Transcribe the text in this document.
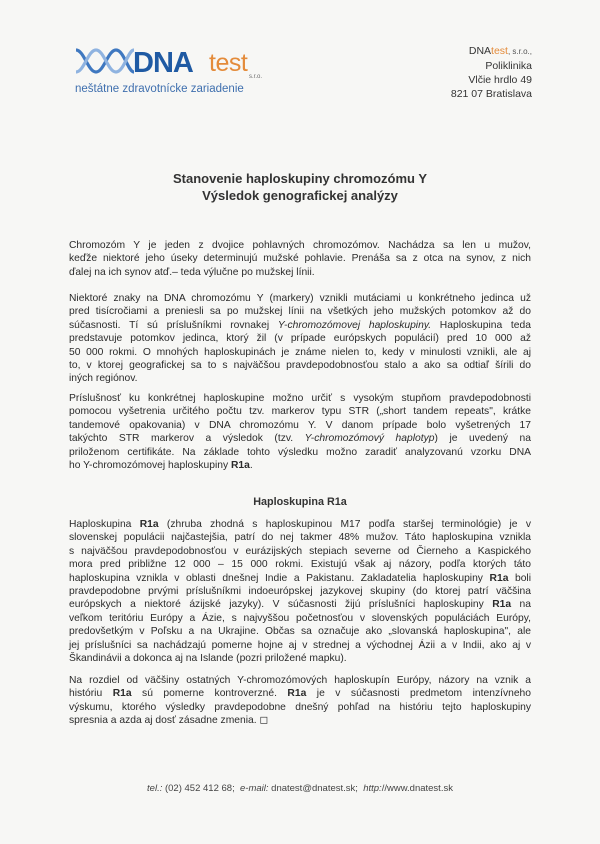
DNA test s.r.o.
neštátne zdravotnícke zariadenie
DNAtest, s.r.o.,
Poliklinika
Vlčie hrdlo 49
821 07 Bratislava
Stanovenie haploskupiny chromozómu Y
Výsledok genografickej analýzy
Chromozóm Y je jeden z dvojice pohlavných chromozómov. Nachádza sa len u mužov,
keďže niektoré jeho úseky determinujú mužské pohlavie. Prenáša sa z otca na synov, z nich
ďalej na ich synov atď.– teda výlučne po mužskej línii.
Niektoré znaky na DNA chromozómu Y (markery) vznikli mutáciami u konkrétneho jedinca už
pred tisícročiami a preniesli sa po mužskej línii na všetkých jeho mužských potomkov až do
súčasnosti. Tí sú príslušníkmi rovnakej Y-chromozómovej haploskupiny. Haploskupina teda
predstavuje potomkov jedinca, ktorý žil (v prípade európskych populácií) pred 10 000 až
50 000 rokmi. O mnohých haploskupinách je známe nielen to, kedy v minulosti vznikli, ale aj
to, v ktorej geografickej sa to s najväčšou pravdepodobnosťou stalo a ako sa odtiaľ šírili do
iných regiónov.
Príslušnosť ku konkrétnej haploskupine možno určiť s vysokým stupňom pravdepodobnosti
pomocou vyšetrenia určitého počtu tzv. markerov typu STR („short tandem repeats", krátke
tandemové opakovania) v DNA chromozómu Y. V danom prípade bolo vyšetrených 17
takýchto STR markerov a výsledok (tzv. Y-chromozómový haplotyp) je uvedený na
priloženom certifikáte. Na základe tohto výsledku možno zaradiť analyzovanú vzorku DNA
ho Y-chromozómovej haploskupiny R1a.
Haploskupina R1a
Haploskupina R1a (zhruba zhodná s haploskupinou M17 podľa staršej terminológie) je v
slovenskej populácii najčastejšia, patrí do nej takmer 48% mužov. Táto haploskupina vznikla
s najväčšou pravdepodobnosťou v eurázijských stepiach severne od Čierneho a Kaspického
mora pred približne 12 000 – 15 000 rokmi. Existujú však aj názory, podľa ktorých táto
haploskupina vznikla v oblasti dnešnej Indie a Pakistanu. Zakladatelia haploskupiny R1a boli
pravdepodobne prvými príslušníkmi indoeurópskej jazykovej skupiny (do ktorej patrí väčšina
európskych a niektoré ázijské jazyky). V súčasnosti žijú príslušníci haploskupiny R1a na
veľkom teritóriu Európy a Ázie, s najvyššou početnosťou v slovenských populáciách Európy,
predovšetkým v Poľsku a na Ukrajine. Občas sa označuje ako „slovanská haploskupina", ale
jej príslušníci sa nachádzajú pomerne hojne aj v strednej a východnej Ázii a v Indii, ako aj v
Škandinávii a dokonca aj na Islande (pozri priložené mapku).
Na rozdiel od väčšiny ostatných Y-chromozómových haploskupín Európy, názory na vznik a
históriu R1a sú pomerne kontroverzné. R1a je v súčasnosti predmetom intenzívneho
výskumu, ktorého výsledky pravdepodobne dnešný pohľad na históriu tejto haploskupiny
spresnia a azda aj dosť zásadne zmenia. ◻
tel.: (02) 452 412 68; e-mail: dnatest@dnatest.sk; http://www.dnatest.sk
